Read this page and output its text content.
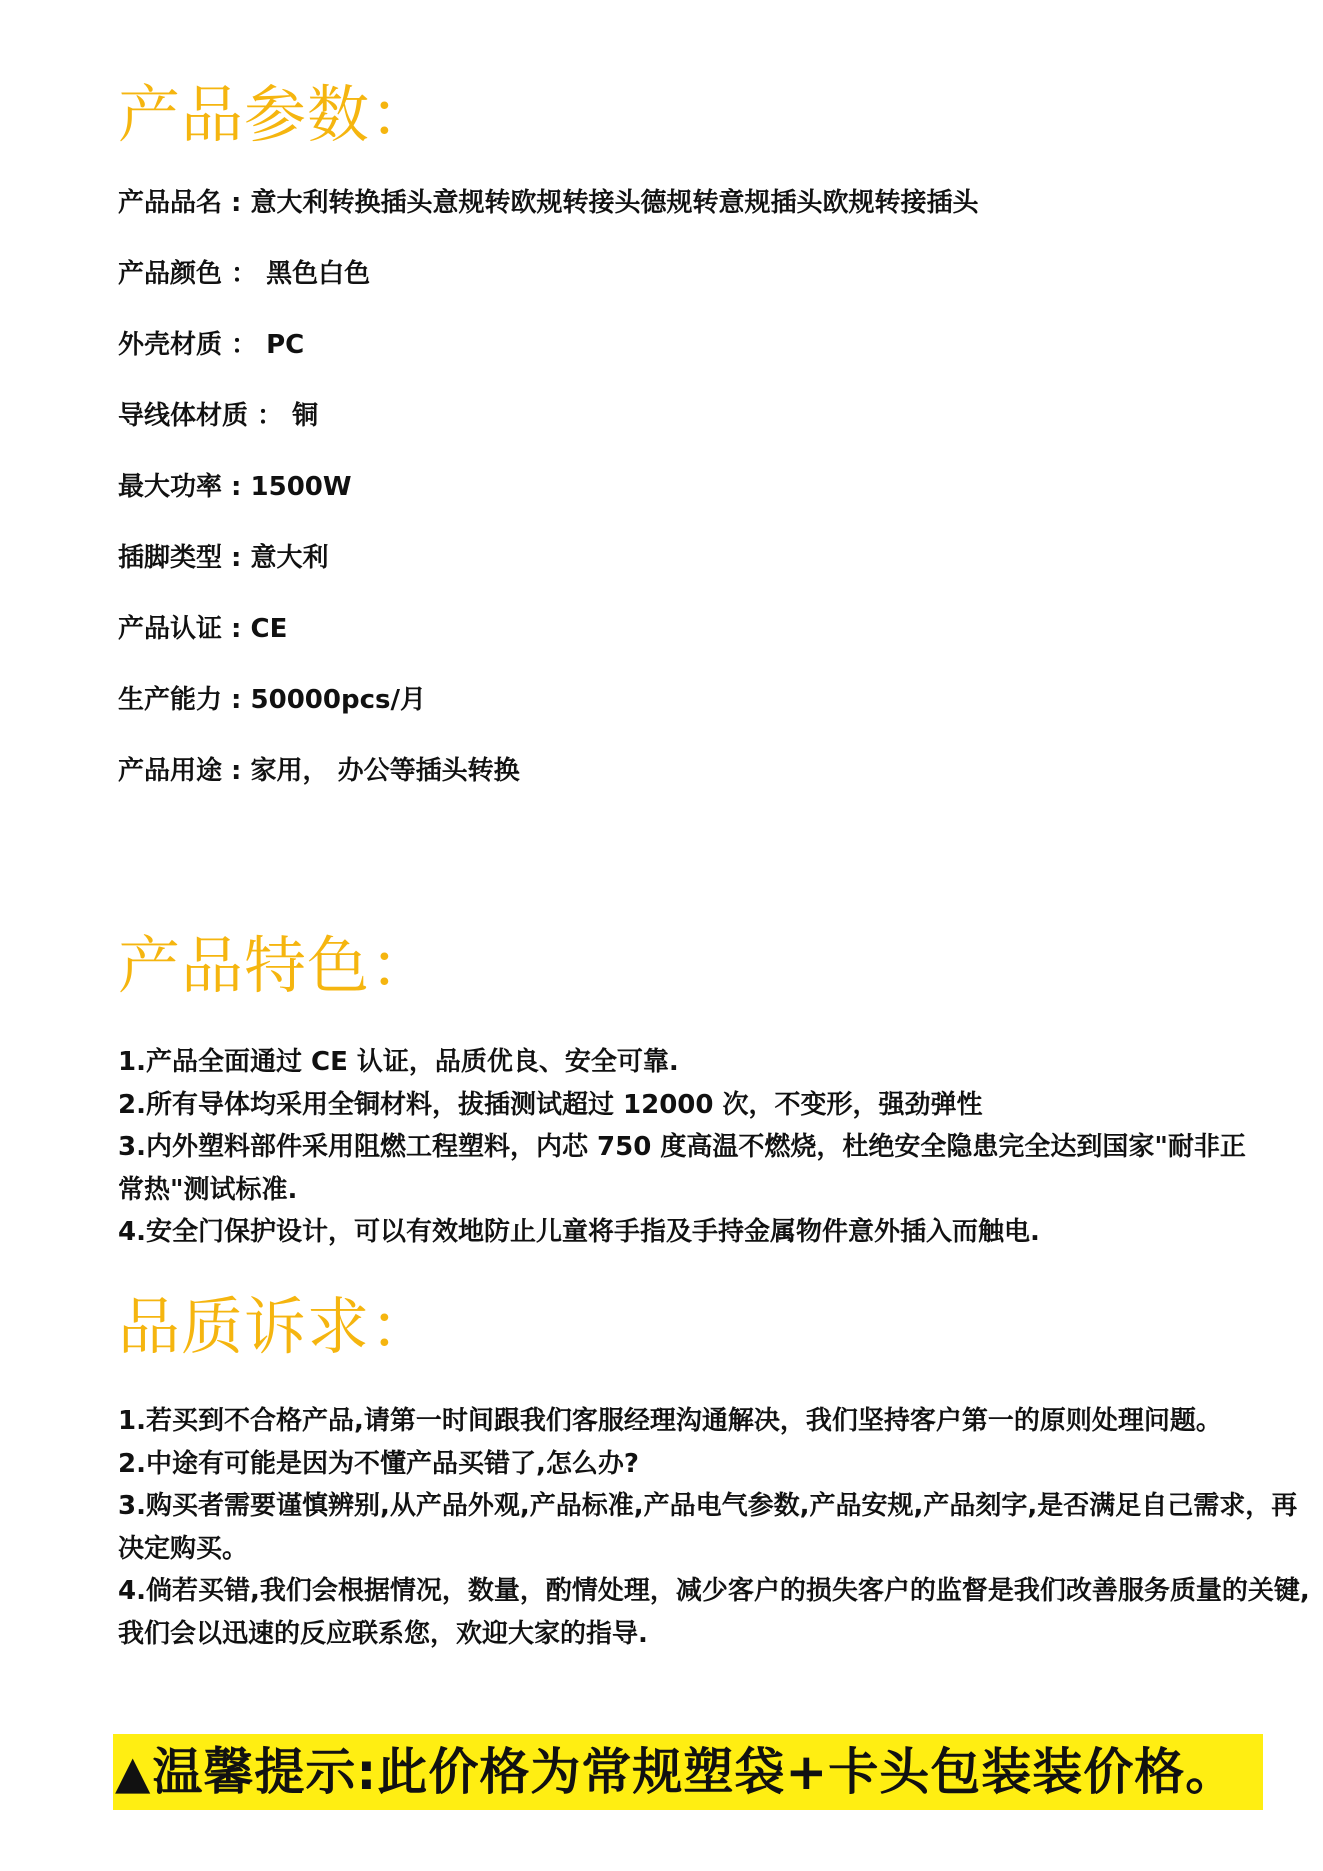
产品参数：
产品品名 : 意大利转换插头意规转欧规转接头德规转意规插头欧规转接插头
产品颜色 ： 黑色白色
外壳材质 ： PC
导线体材质 ： 铜
最大功率 : 1500W
插脚类型 : 意大利
产品认证 : CE
生产能力 : 50000pcs/月
产品用途 : 家用， 办公等插头转换
产品特色：
1.产品全面通过 CE 认证，品质优良、安全可靠.
2.所有导体均采用全铜材料，拔插测试超过 12000 次，不变形，强劲弹性
3.内外塑料部件采用阻燃工程塑料，内芯 750 度高温不燃烧，杜绝安全隐患完全达到国家"耐非正常热"测试标准.
4.安全门保护设计，可以有效地防止儿童将手指及手持金属物件意外插入而触电.
品质诉求：
1.若买到不合格产品,请第一时间跟我们客服经理沟通解决，我们坚持客户第一的原则处理问题。
2.中途有可能是因为不懂产品买错了,怎么办?
3.购买者需要谨慎辨别,从产品外观,产品标准,产品电气参数,产品安规,产品刻字,是否满足自己需求，再决定购买。
4.倘若买错,我们会根据情况，数量，酌情处理，减少客户的损失客户的监督是我们改善服务质量的关键,我们会以迅速的反应联系您，欢迎大家的指导.
▲ 温馨提示:此价格为常规塑袋+卡头包装装价格。
